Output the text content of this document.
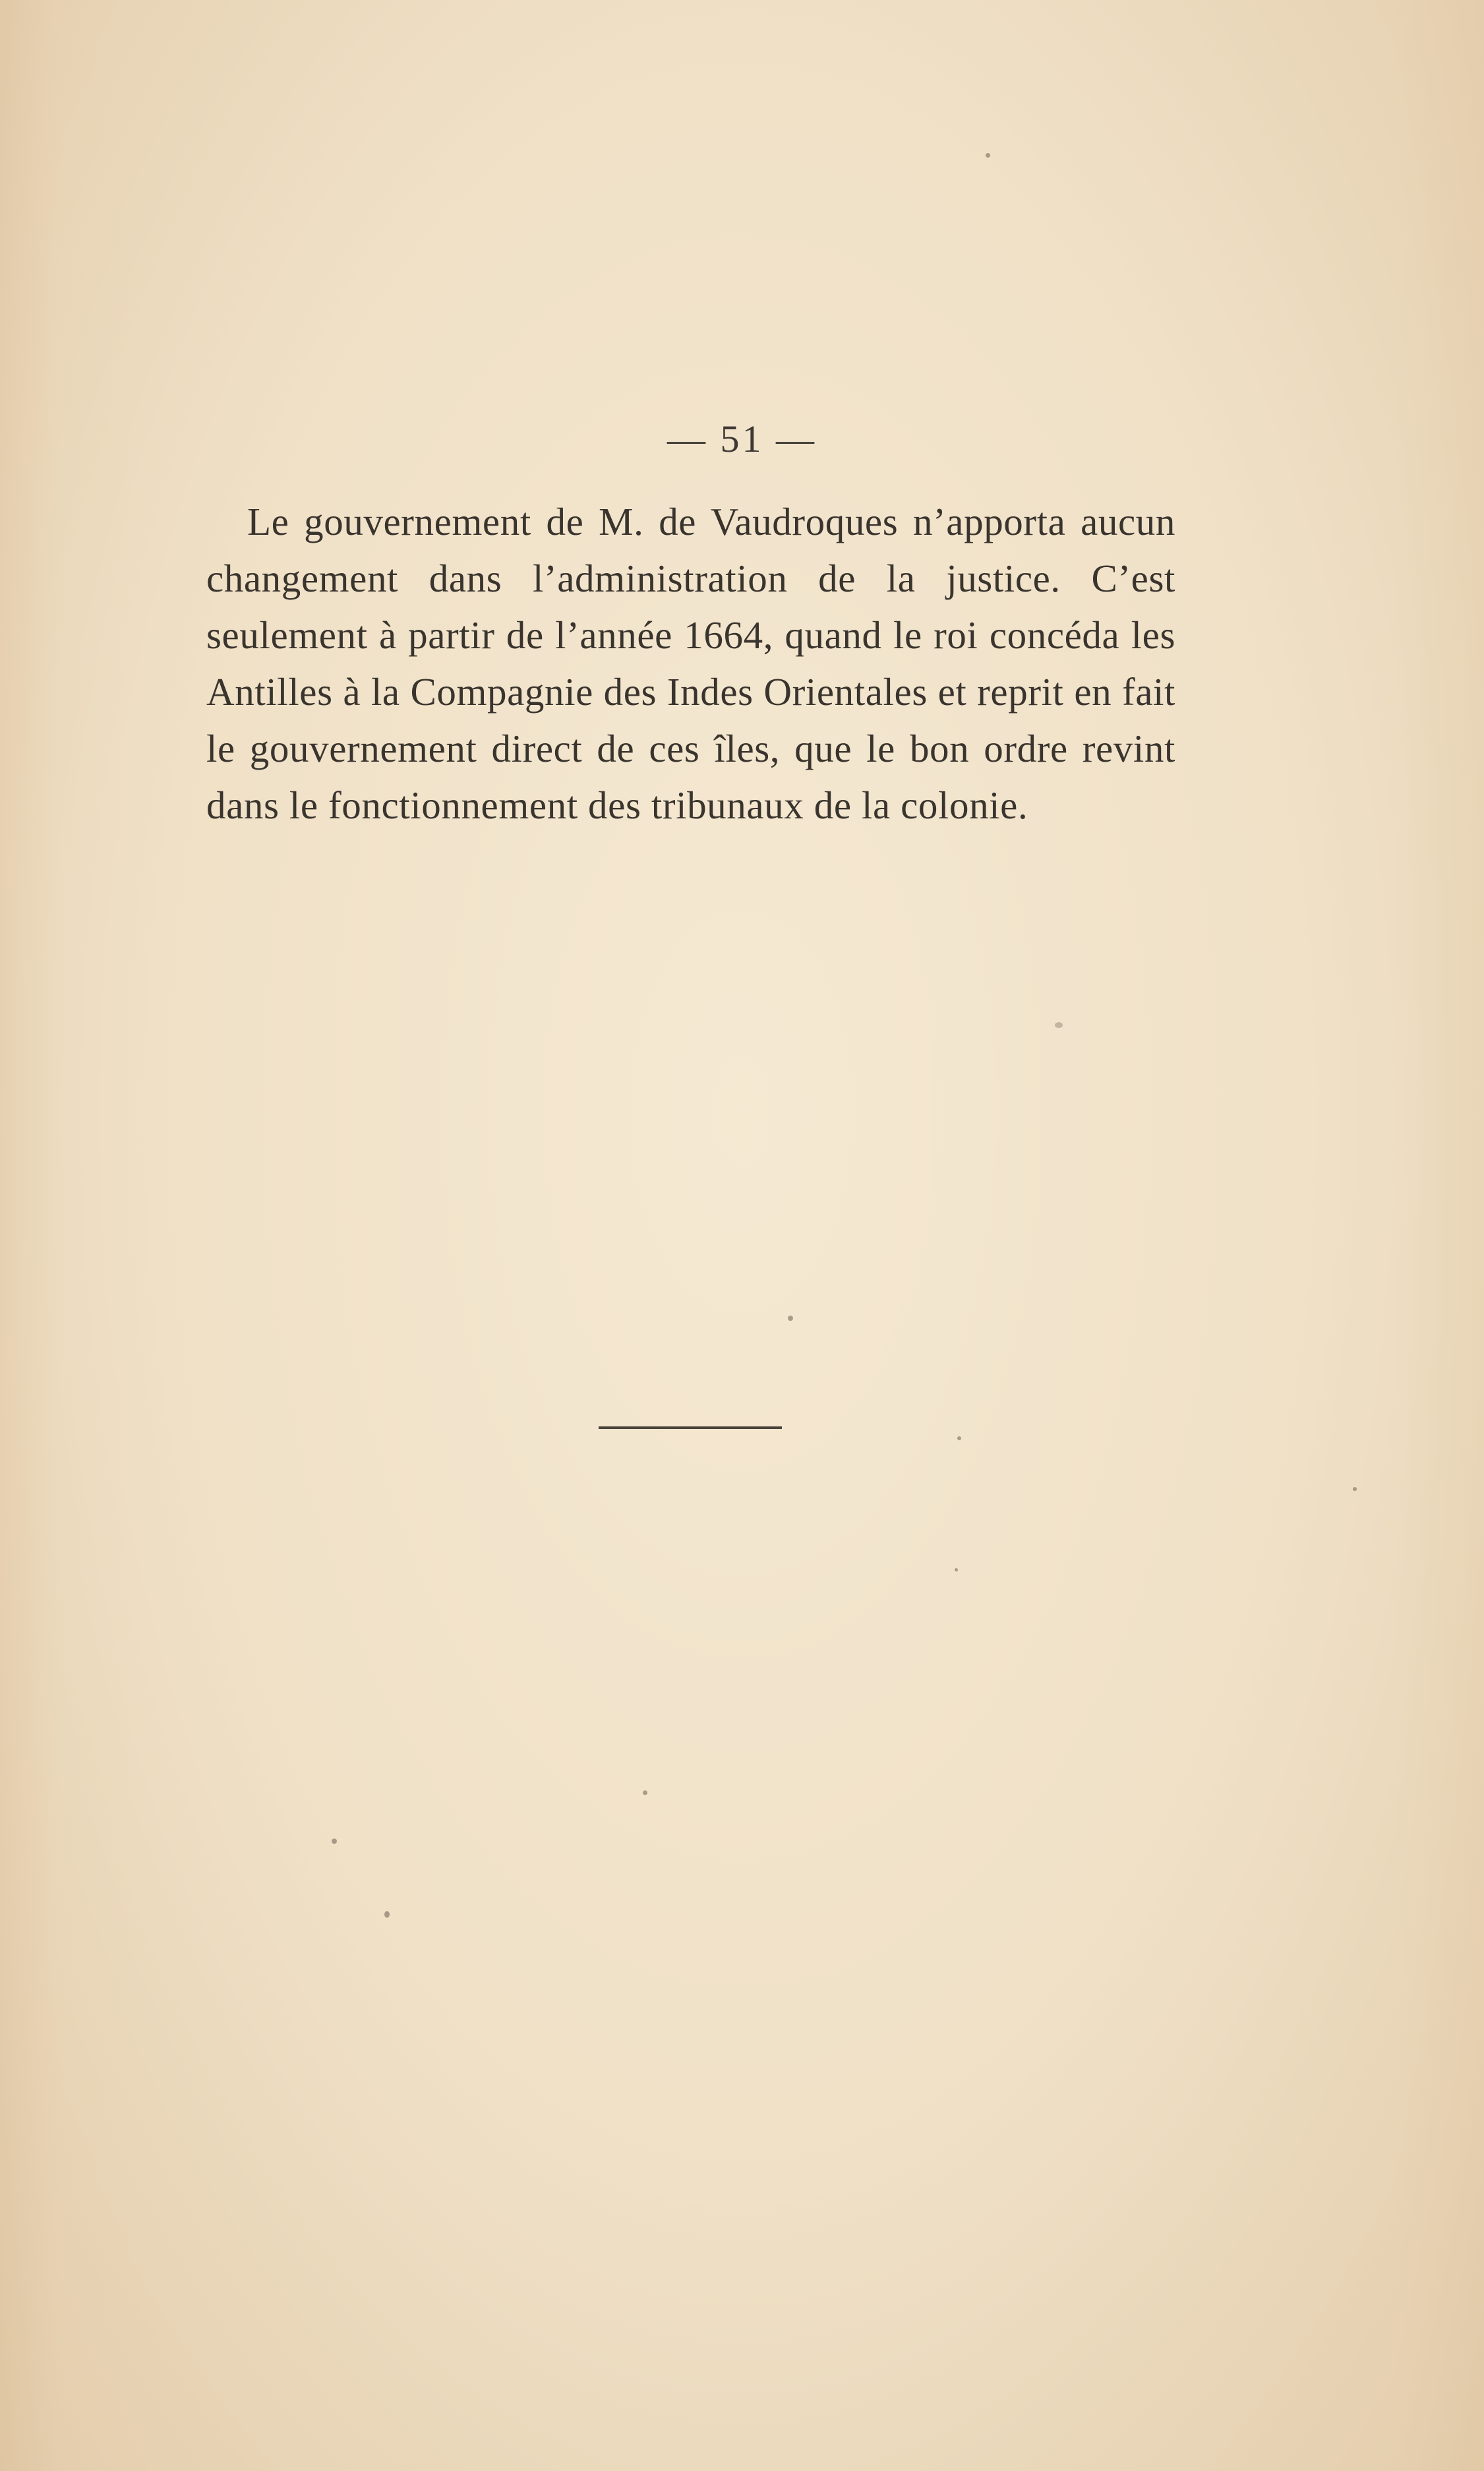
— 51 —

Le gouvernement de M. de Vaudroques n’apporta aucun changement dans l’administration de la justice. C’est seulement à partir de l’année 1664, quand le roi concéda les Antilles à la Compagnie des Indes Orientales et reprit en fait le gouvernement direct de ces îles, que le bon ordre revint dans le fonctionnement des tribunaux de la colonie.
